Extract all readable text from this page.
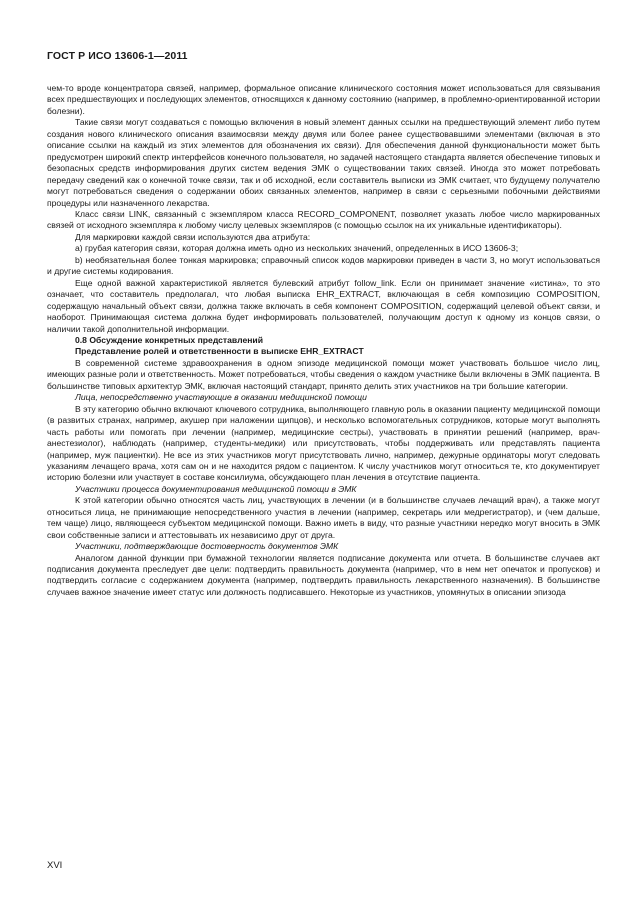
ГОСТ Р ИСО 13606-1—2011

чем-то вроде концентратора связей, например, формальное описание клинического состояния может использоваться для связывания всех предшествующих и последующих элементов, относящихся к данному состоянию (например, в проблемно-ориентированной истории болезни).

Такие связи могут создаваться с помощью включения в новый элемент данных ссылки на предшествующий элемент либо путем создания нового клинического описания взаимосвязи между двумя или более ранее существовавшими элементами (включая в это описание ссылки на каждый из этих элементов для обозначения их связи). Для обеспечения данной функциональности может быть предусмотрен широкий спектр интерфейсов конечного пользователя, но задачей настоящего стандарта является обеспечение типовых и безопасных средств информирования других систем ведения ЭМК о существовании таких связей. Иногда это может потребовать передачу сведений как о конечной точке связи, так и об исходной, если составитель выписки из ЭМК считает, что будущему получателю могут потребоваться сведения о содержании обоих связанных элементов, например в связи с серьезными побочными действиями процедуры или назначенного лекарства.

Класс связи LINK, связанный с экземпляром класса RECORD_COMPONENT, позволяет указать любое число маркированных связей от исходного экземпляра к любому числу целевых экземпляров (с помощью ссылок на их уникальные идентификаторы).

Для маркировки каждой связи используются два атрибута:

a) грубая категория связи, которая должна иметь одно из нескольких значений, определенных в ИСО 13606-3;

b) необязательная более тонкая маркировка; справочный список кодов маркировки приведен в части 3, но могут использоваться и другие системы кодирования.

Еще одной важной характеристикой является булевский атрибут follow_link. Если он принимает значение «истина», то это означает, что составитель предполагал, что любая выписка EHR_EXTRACT, включающая в себя композицию COMPOSITION, содержащую начальный объект связи, должна также включать в себя компонент COMPOSITION, содержащий целевой объект связи, и наоборот. Принимающая система должна будет информировать пользователей, получающим доступ к одному из концов связи, о наличии такой дополнительной информации.

0.8 Обсуждение конкретных представлений

Представление ролей и ответственности в выписке EHR_EXTRACT

В современной системе здравоохранения в одном эпизоде медицинской помощи может участвовать большое число лиц, имеющих разные роли и ответственность. Может потребоваться, чтобы сведения о каждом участнике были включены в ЭМК пациента. В большинстве типовых архитектур ЭМК, включая настоящий стандарт, принято делить этих участников на три большие категории.

Лица, непосредственно участвующие в оказании медицинской помощи

В эту категорию обычно включают ключевого сотрудника, выполняющего главную роль в оказании пациенту медицинской помощи (в развитых странах, например, акушер при наложении щипцов), и несколько вспомогательных сотрудников, которые могут выполнять часть работы или помогать при лечении (например, медицинские сестры), участвовать в принятии решений (например, врач-анестезиолог), наблюдать (например, студенты-медики) или присутствовать, чтобы поддерживать или представлять пациента (например, муж пациентки). Не все из этих участников могут присутствовать лично, например, дежурные ординаторы могут следовать указаниям лечащего врача, хотя сам он и не находится рядом с пациентом. К числу участников могут относиться те, кто документирует историю болезни или участвует в составе консилиума, обсуждающего план лечения в отсутствие пациента.

Участники процесса документирования медицинской помощи в ЭМК

К этой категории обычно относятся часть лиц, участвующих в лечении (и в большинстве случаев лечащий врач), а также могут относиться лица, не принимающие непосредственного участия в лечении (например, секретарь или медрегистратор), и (чем дальше, тем чаще) лицо, являющееся субъектом медицинской помощи. Важно иметь в виду, что разные участники нередко могут вносить в ЭМК свои собственные записи и аттестовывать их независимо друг от друга.

Участники, подтверждающие достоверность документов ЭМК

Аналогом данной функции при бумажной технологии является подписание документа или отчета. В большинстве случаев акт подписания документа преследует две цели: подтвердить правильность документа (например, что в нем нет опечаток и пропусков) и подтвердить согласие с содержанием документа (например, подтвердить правильность лекарственного назначения). В большинстве случаев важное значение имеет статус или должность подписавшего. Некоторые из участников, упомянутых в описании эпизода

XVI
